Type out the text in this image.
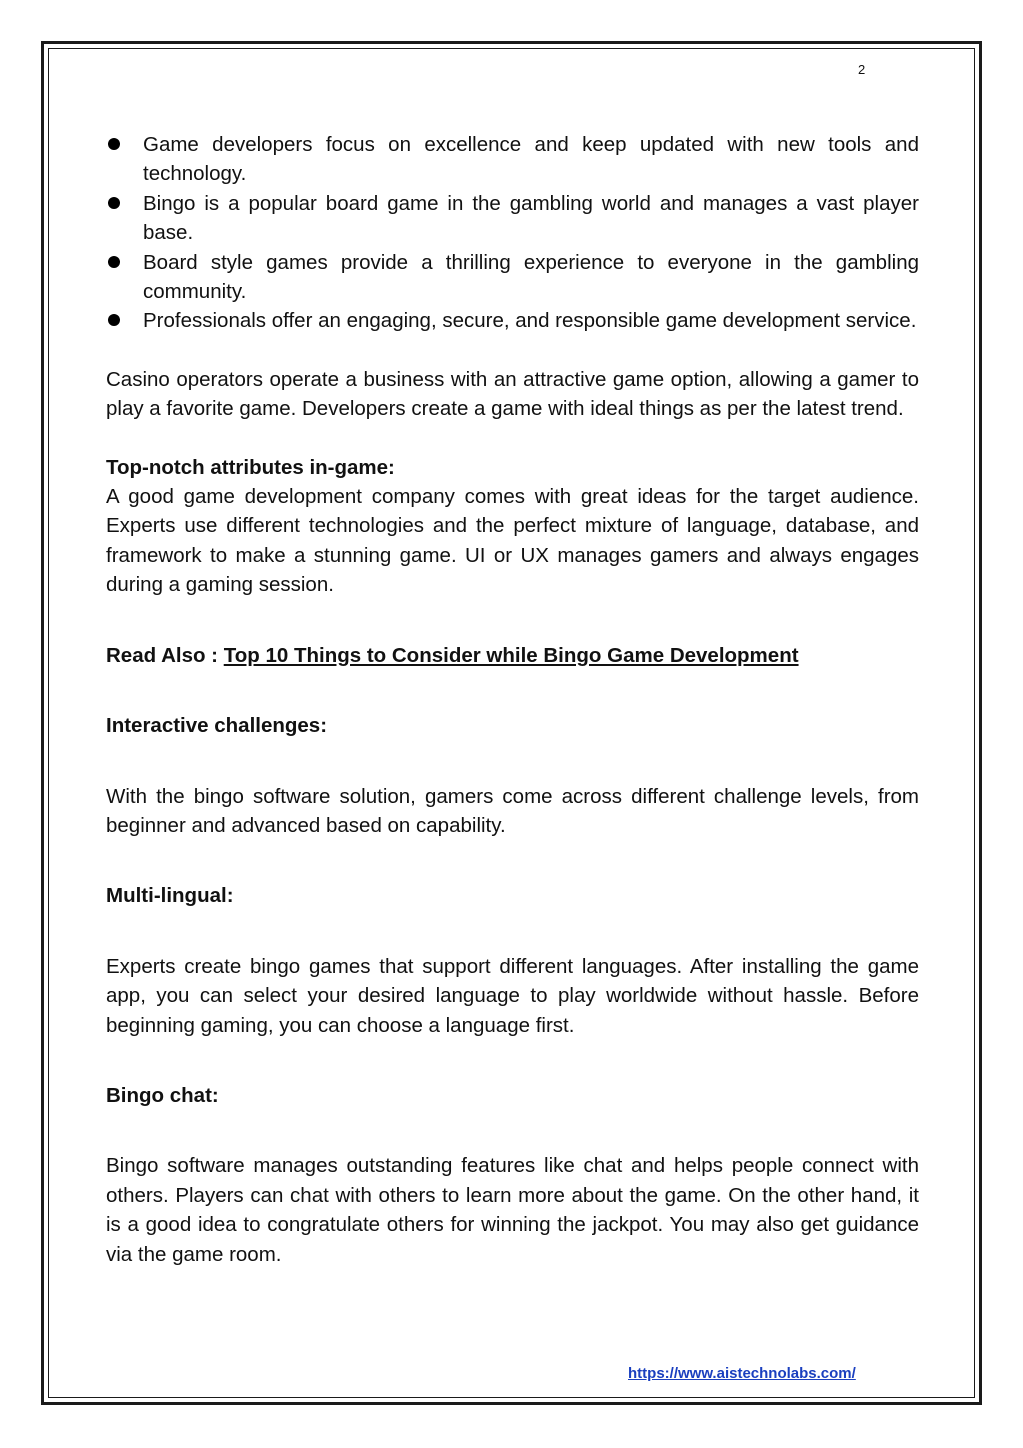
2
Game developers focus on excellence and keep updated with new tools and technology.
Bingo is a popular board game in the gambling world and manages a vast player base.
Board style games provide a thrilling experience to everyone in the gambling community.
Professionals offer an engaging, secure, and responsible game development service.

Casino operators operate a business with an attractive game option, allowing a gamer to play a favorite game. Developers create a game with ideal things as per the latest trend.

Top-notch attributes in-game:

A good game development company comes with great ideas for the target audience. Experts use different technologies and the perfect mixture of language, database, and framework to make a stunning game. UI or UX manages gamers and always engages during a gaming session.

Read Also : Top 10 Things to Consider while Bingo Game Development

Interactive challenges:

With the bingo software solution, gamers come across different challenge levels, from beginner and advanced based on capability.

Multi-lingual:

Experts create bingo games that support different languages. After installing the game app, you can select your desired language to play worldwide without hassle. Before beginning gaming, you can choose a language first.

Bingo chat:

Bingo software manages outstanding features like chat and helps people connect with others. Players can chat with others to learn more about the game. On the other hand, it is a good idea to congratulate others for winning the jackpot. You may also get guidance via the game room.

https://www.aistechnolabs.com/
